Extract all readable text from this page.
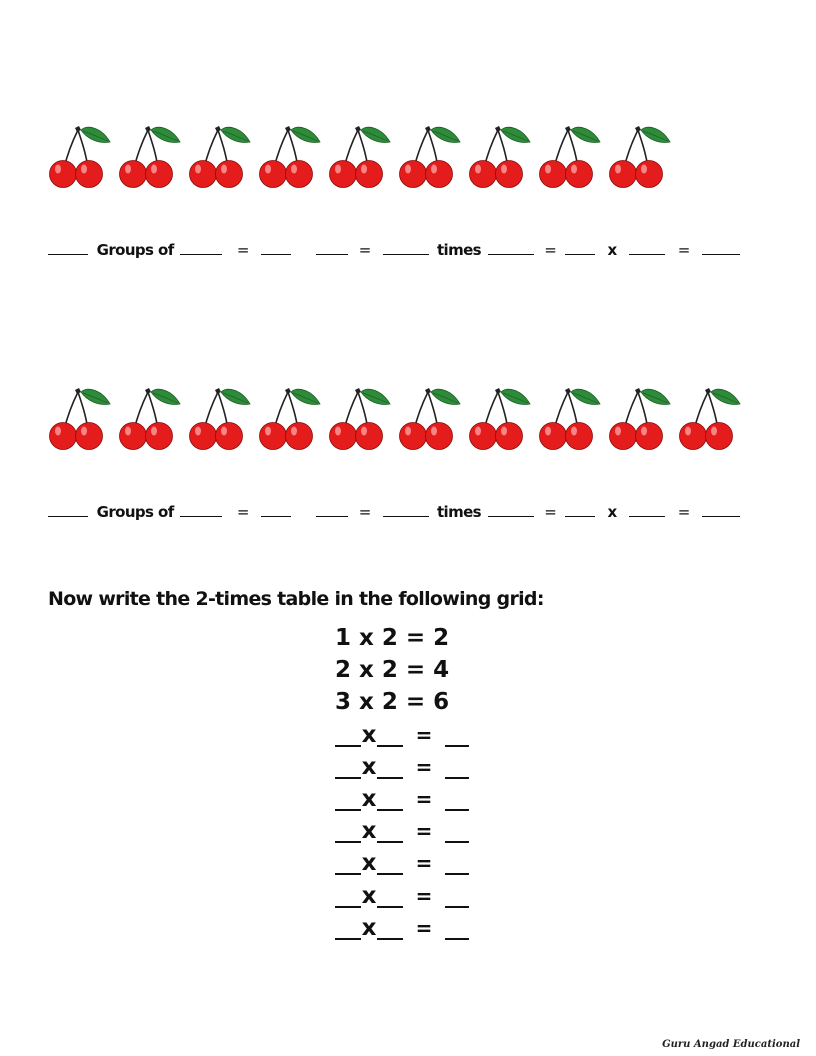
Groups of	=	=	times	=	x	=
Groups of	=	=	times	=	x	=
Now write the 2-times table in the following grid:
1 x 2 = 2
2 x 2 = 4
3 x 2 = 6
x =
x =
x =
x =
x =
x =
x =
Guru Angad Educational
